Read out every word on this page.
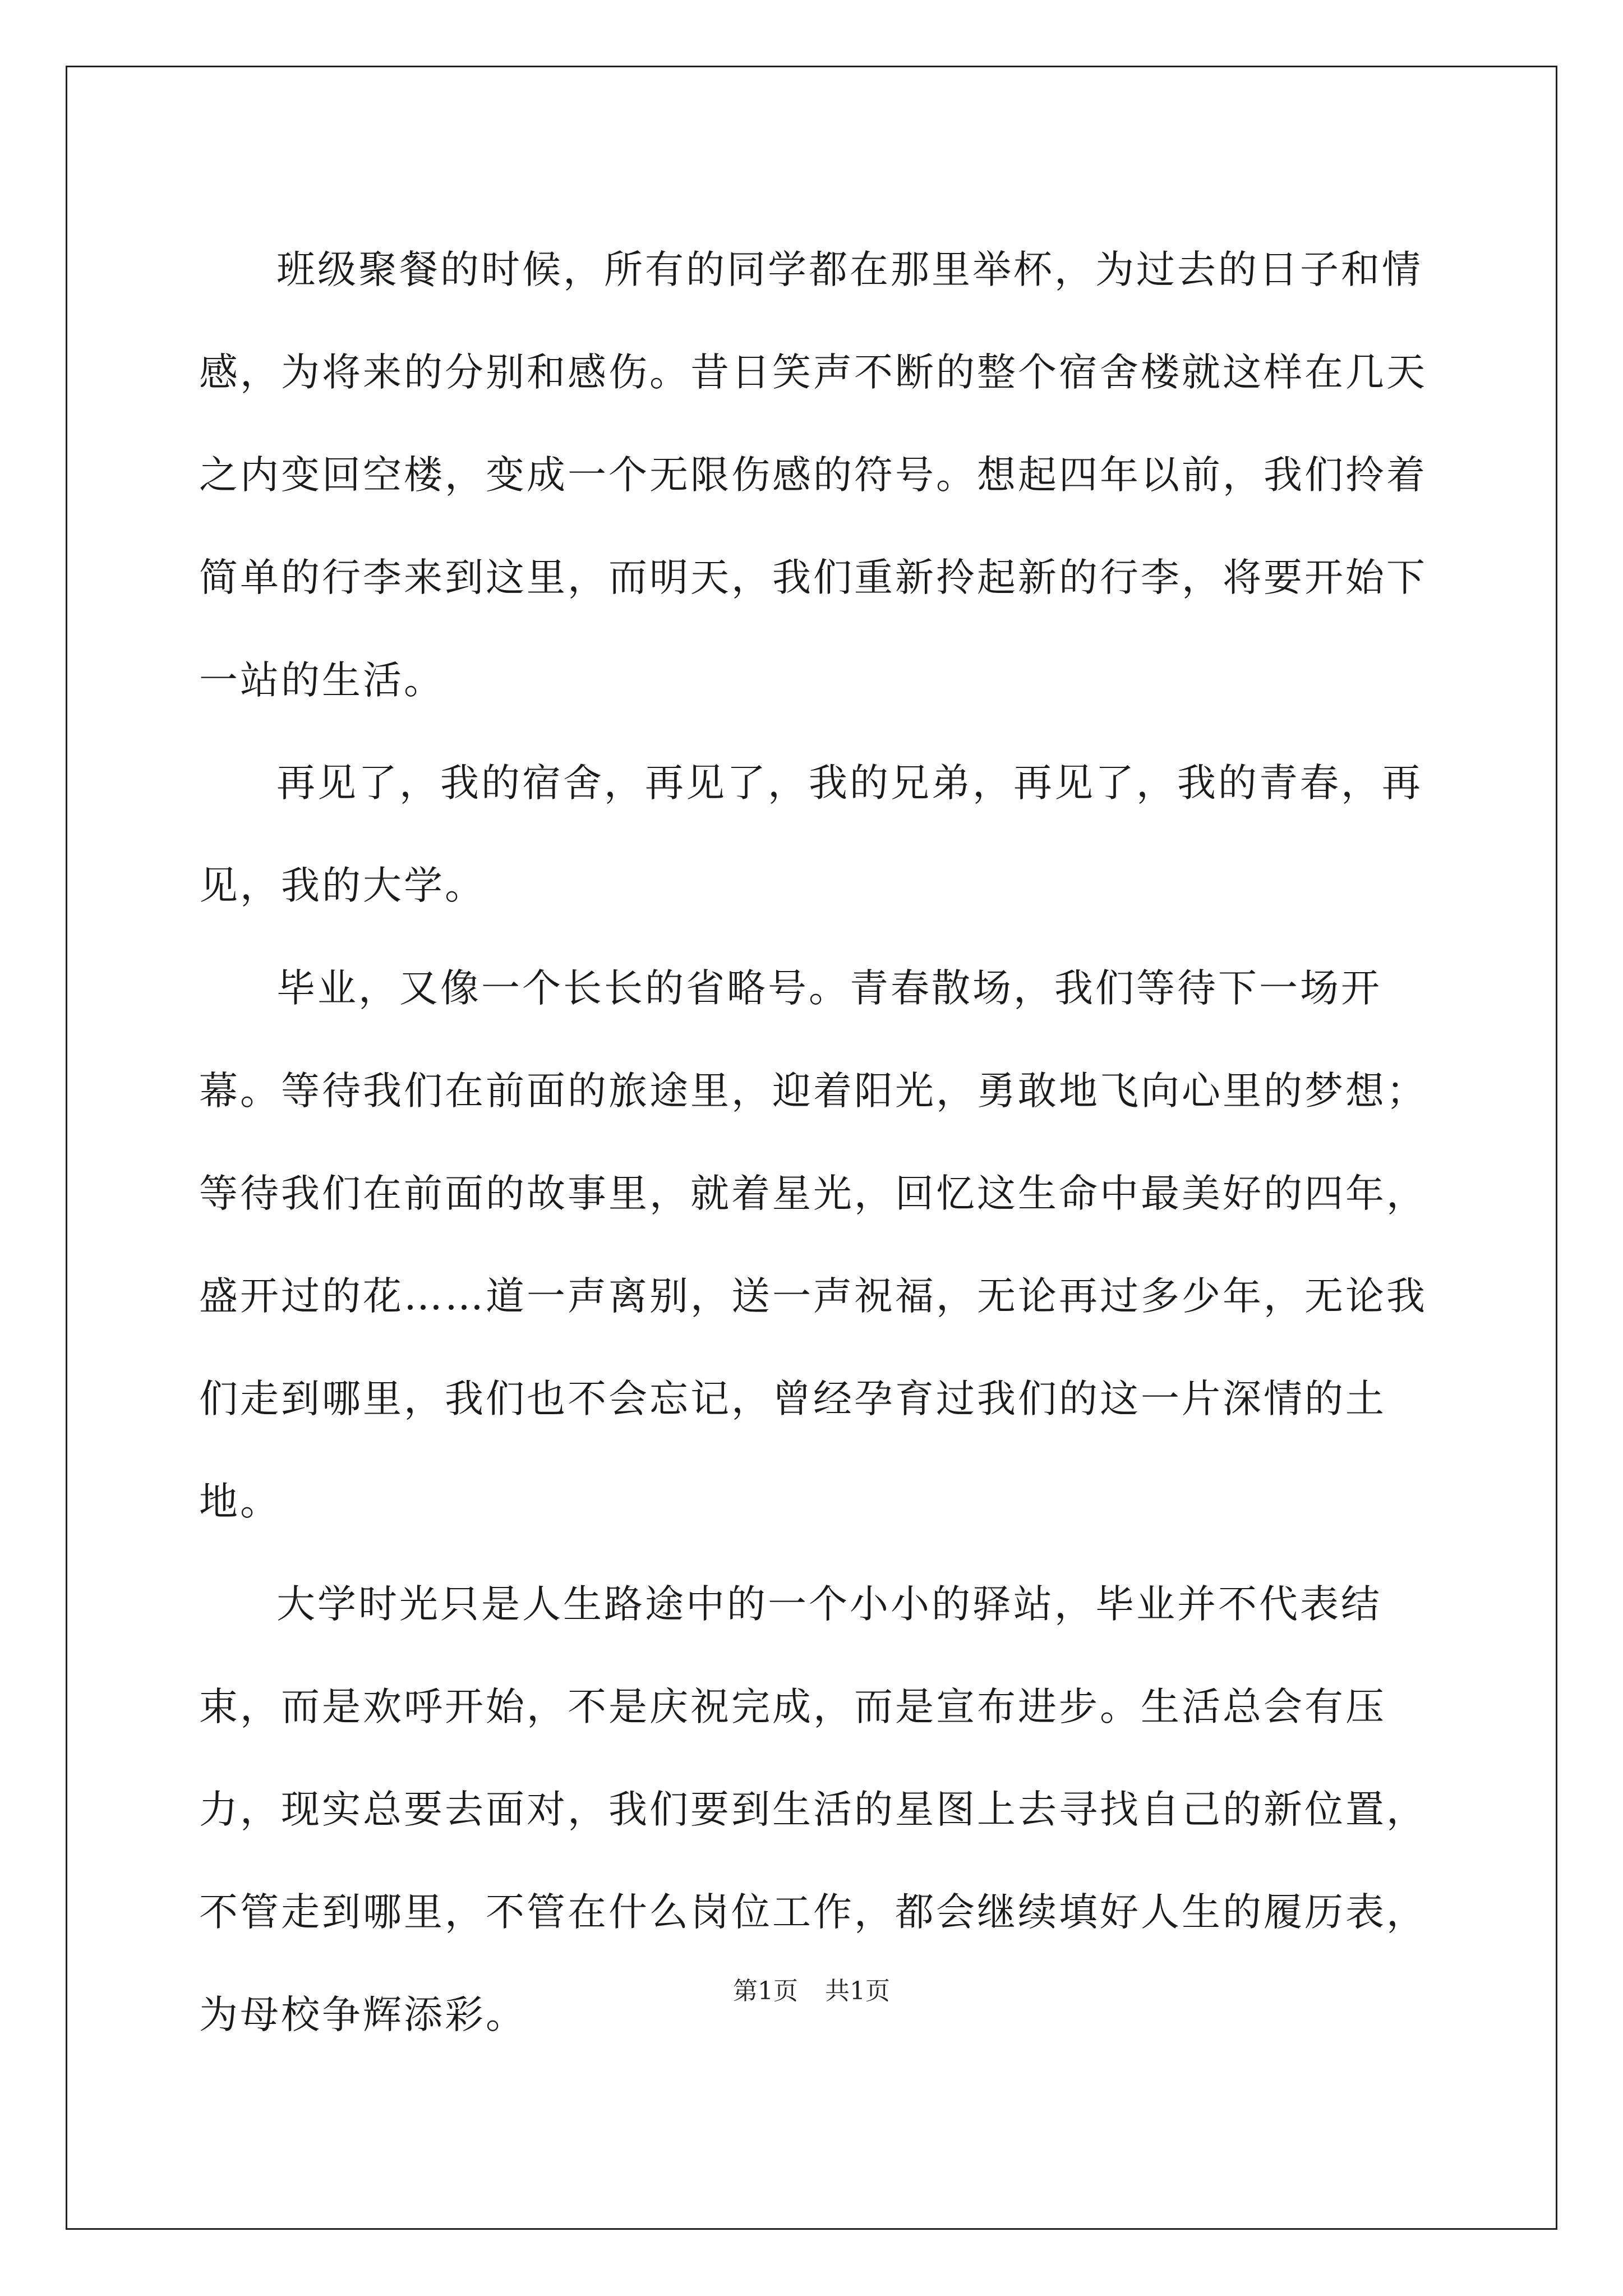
班级聚餐的时候，所有的同学都在那里举杯，为过去的日子和情感，为将来的分别和感伤。昔日笑声不断的整个宿舍楼就这样在几天之内变回空楼，变成一个无限伤感的符号。想起四年以前，我们拎着简单的行李来到这里，而明天，我们重新拎起新的行李，将要开始下一站的生活。

再见了，我的宿舍，再见了，我的兄弟，再见了，我的青春，再见，我的大学。

毕业，又像一个长长的省略号。青春散场，我们等待下一场开幕。等待我们在前面的旅途里，迎着阳光，勇敢地飞向心里的梦想；等待我们在前面的故事里，就着星光，回忆这生命中最美好的四年，盛开过的花……道一声离别，送一声祝福，无论再过多少年，无论我们走到哪里，我们也不会忘记，曾经孕育过我们的这一片深情的土地。

大学时光只是人生路途中的一个小小的驿站，毕业并不代表结束，而是欢呼开始，不是庆祝完成，而是宣布进步。生活总会有压力，现实总要去面对，我们要到生活的星图上去寻找自己的新位置，不管走到哪里，不管在什么岗位工作，都会继续填好人生的履历表，为母校争辉添彩。

第1页 共1页
